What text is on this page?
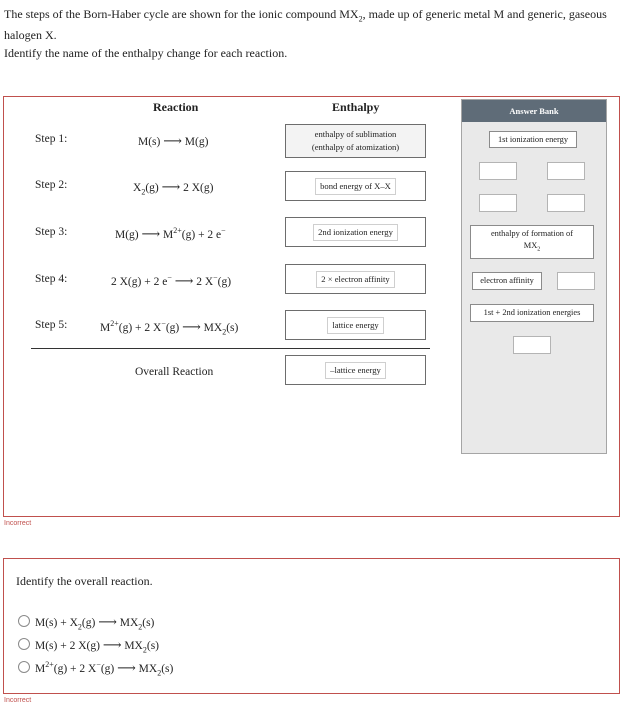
The steps of the Born-Haber cycle are shown for the ionic compound $MX_2$, made up of generic metal M and generic, gaseous
halogen X.
Identify the name of the enthalpy change for each reaction.
Reaction	Enthalpy
Step 1:
Step 2:
Step 3:
Step 4:
Step 5:
M(s) ⟶ M(g)
$X_2(g)$ ⟶ 2 X(g)
M(g) ⟶ $M^{2+}(g) + 2$ e−
2 X(g) + 2 e− ⟶ 2 X−(g)
$M^{2+}(g) + 2$ X−(g) ⟶ $MX_2(s)$
Overall Reaction
enthalpy of sublimation
(enthalpy of atomization)
bond energy of X–X
2nd ionization energy
2 × electron affinity
lattice energy
–lattice energy
Answer Bank
1st ionization energy
enthalpy of formation of
$MX_2$
electron affinity
1st + 2nd ionization energies
Incorrect
Identify the overall reaction.
$M(s) + X_2(g)$ ⟶ $MX_2(s)$
M(s) + 2 X(g) ⟶ $MX_2(s)$
$M^{2+}(g) + 2$ X−(g) ⟶ $MX_2(s)$
Incorrect
